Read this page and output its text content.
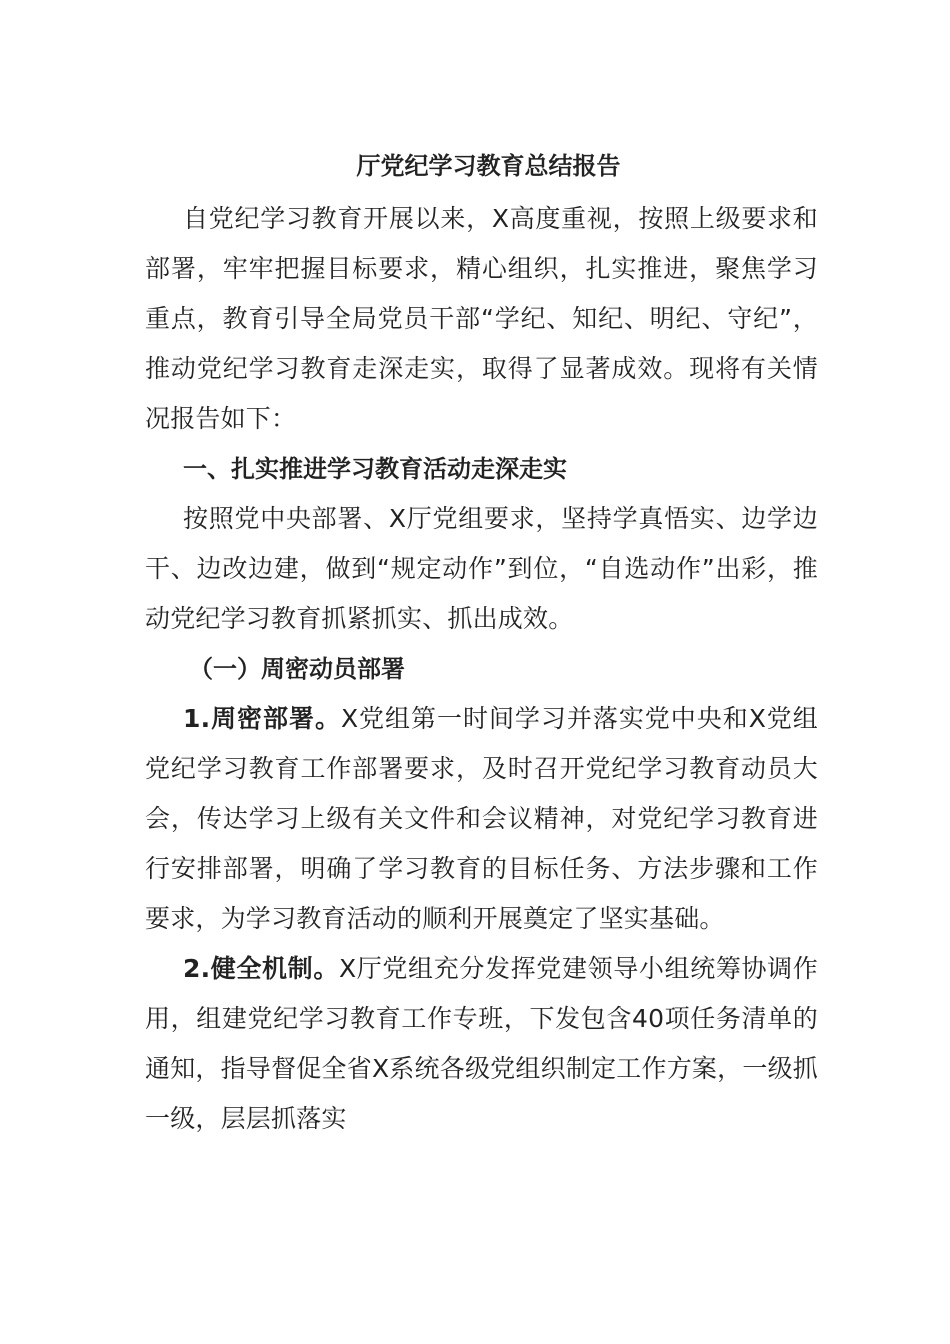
厅党纪学习教育总结报告

自党纪学习教育开展以来，X高度重视，按照上级要求和部署，牢牢把握目标要求，精心组织，扎实推进，聚焦学习重点，教育引导全局党员干部“学纪、知纪、明纪、守纪”，推动党纪学习教育走深走实，取得了显著成效。现将有关情况报告如下：

一、扎实推进学习教育活动走深走实

按照党中央部署、X厅党组要求，坚持学真悟实、边学边干、边改边建，做到“规定动作”到位，“自选动作”出彩，推动党纪学习教育抓紧抓实、抓出成效。

（一）周密动员部署

1.周密部署。X党组第一时间学习并落实党中央和X党组党纪学习教育工作部署要求，及时召开党纪学习教育动员大会，传达学习上级有关文件和会议精神，对党纪学习教育进行安排部署，明确了学习教育的目标任务、方法步骤和工作要求，为学习教育活动的顺利开展奠定了坚实基础。

2.健全机制。X厅党组充分发挥党建领导小组统筹协调作用，组建党纪学习教育工作专班，下发包含40项任务清单的通知，指导督促全省X系统各级党组织制定工作方案，一级抓一级，层层抓落实
